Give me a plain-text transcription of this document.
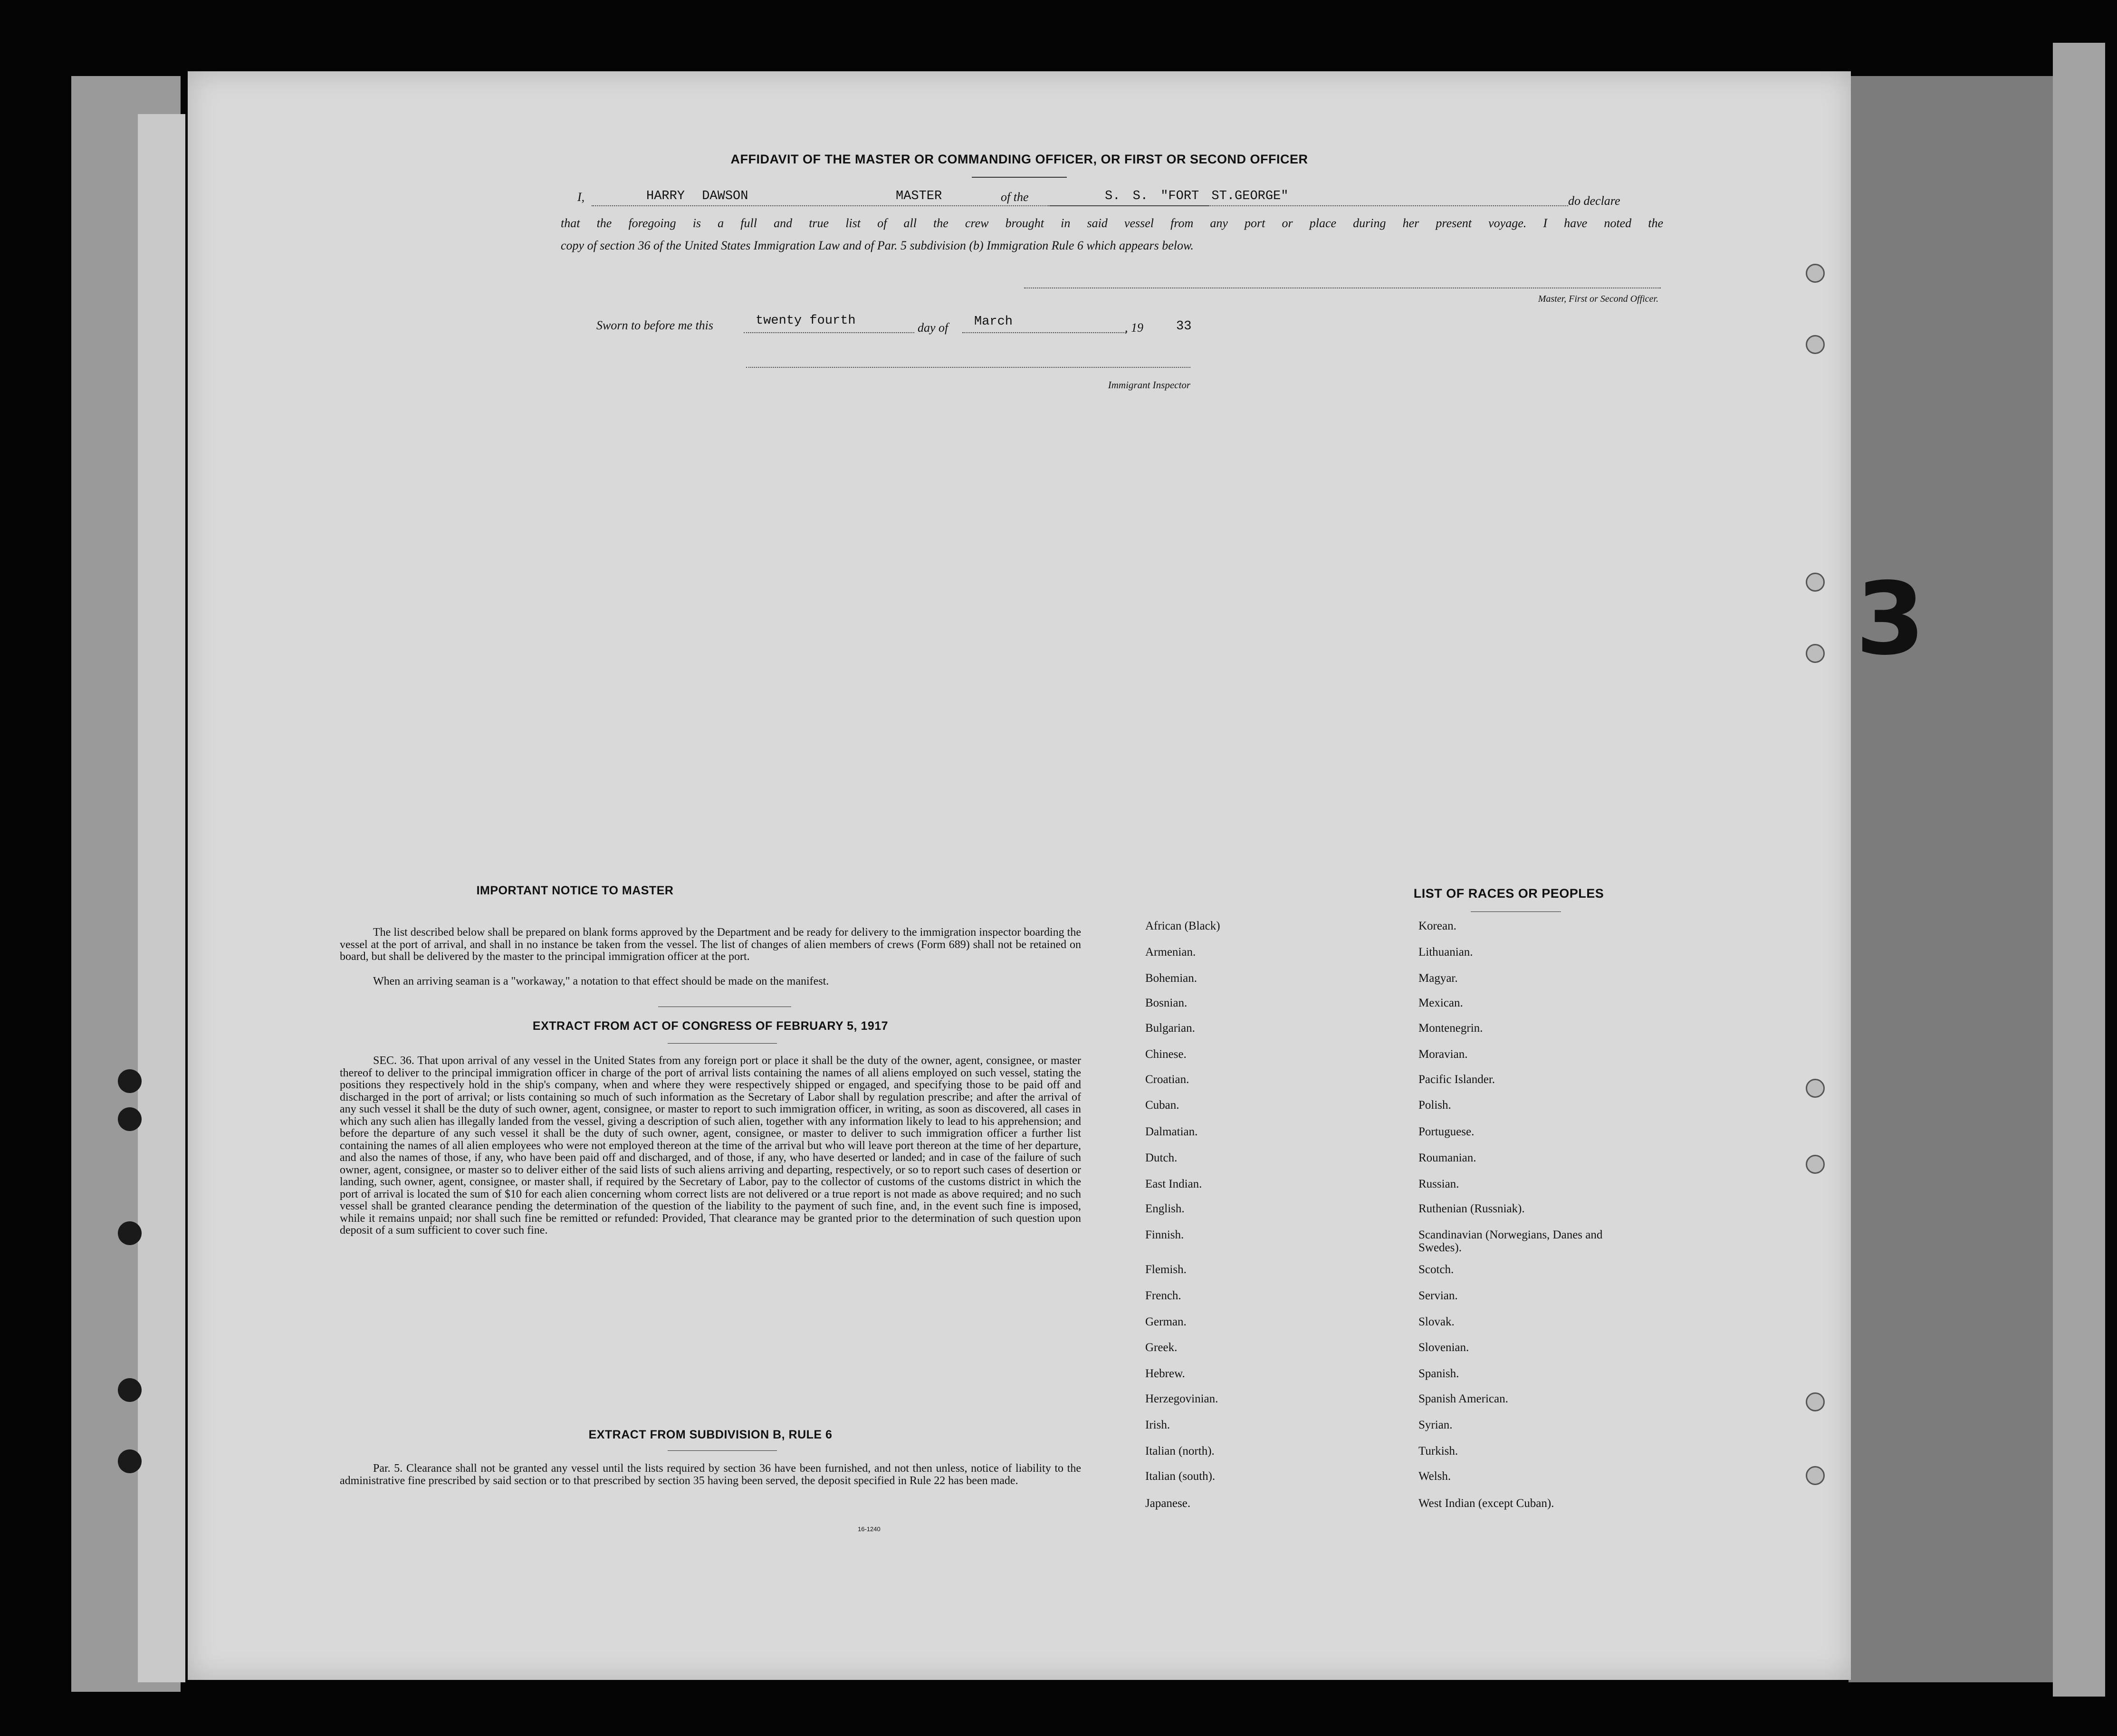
3
AFFIDAVIT OF THE MASTER OR COMMANDING OFFICER, OR FIRST OR SECOND OFFICER
I,	HARRY DAWSON	MASTER	of the	S. S. "FORT ST.GEORGE"	do declare
that the foregoing is a full and true list of all the crew brought in said vessel from any port or place during her present voyage. I have noted the
copy of section 36 of the United States Immigration Law and of Par. 5 subdivision (b) Immigration Rule 6 which appears below.
Master, First or Second Officer.
Sworn to before me this	twenty fourth	day of March	, 19	33
Immigrant Inspector
IMPORTANT NOTICE TO MASTER
The list described below shall be prepared on blank forms approved by the Department and be ready for delivery to the immigration inspector boarding the vessel at the port of arrival, and shall in no instance be taken from the vessel. The list of changes of alien members of crews (Form 689) shall not be retained on board, but shall be delivered by the master to the principal immigration officer at the port.
When an arriving seaman is a "workaway," a notation to that effect should be made on the manifest.
EXTRACT FROM ACT OF CONGRESS OF FEBRUARY 5, 1917
SEC. 36. That upon arrival of any vessel in the United States from any foreign port or place it shall be the duty of the owner, agent, consignee, or master thereof to deliver to the principal immigration officer in charge of the port of arrival lists containing the names of all aliens employed on such vessel, stating the positions they respectively hold in the ship's company, when and where they were respectively shipped or engaged, and specifying those to be paid off and discharged in the port of arrival; or lists containing so much of such information as the Secretary of Labor shall by regulation prescribe; and after the arrival of any such vessel it shall be the duty of such owner, agent, consignee, or master to report to such immigration officer, in writing, as soon as discovered, all cases in which any such alien has illegally landed from the vessel, giving a description of such alien, together with any information likely to lead to his apprehension; and before the departure of any such vessel it shall be the duty of such owner, agent, consignee, or master to deliver to such immigration officer a further list containing the names of all alien employees who were not employed thereon at the time of the arrival but who will leave port thereon at the time of her departure, and also the names of those, if any, who have been paid off and discharged, and of those, if any, who have deserted or landed; and in case of the failure of such owner, agent, consignee, or master so to deliver either of the said lists of such aliens arriving and departing, respectively, or so to report such cases of desertion or landing, such owner, agent, consignee, or master shall, if required by the Secretary of Labor, pay to the collector of customs of the customs district in which the port of arrival is located the sum of $10 for each alien concerning whom correct lists are not delivered or a true report is not made as above required; and no such vessel shall be granted clearance pending the determination of the question of the liability to the payment of such fine, and, in the event such fine is imposed, while it remains unpaid; nor shall such fine be remitted or refunded: Provided, That clearance may be granted prior to the determination of such question upon deposit of a sum sufficient to cover such fine.
EXTRACT FROM SUBDIVISION B, RULE 6
Par. 5. Clearance shall not be granted any vessel until the lists required by section 36 have been furnished, and not then unless, notice of liability to the administrative fine prescribed by said section or to that prescribed by section 35 having been served, the deposit specified in Rule 22 has been made.
16-1240
LIST OF RACES OR PEOPLES
African (Black)
Armenian.
Bohemian.
Bosnian.
Bulgarian.
Chinese.
Croatian.
Cuban.
Dalmatian.
Dutch.
East Indian.
English.
Finnish.
Flemish.
French.
German.
Greek.
Hebrew.
Herzegovinian.
Irish.
Italian (north).
Italian (south).
Japanese.
Korean.
Lithuanian.
Magyar.
Mexican.
Montenegrin.
Moravian.
Pacific Islander.
Polish.
Portuguese.
Roumanian.
Russian.
Ruthenian (Russniak).
Scandinavian (Norwegians, Danes and Swedes).
Scotch.
Servian.
Slovak.
Slovenian.
Spanish.
Spanish American.
Syrian.
Turkish.
Welsh.
West Indian (except Cuban).
